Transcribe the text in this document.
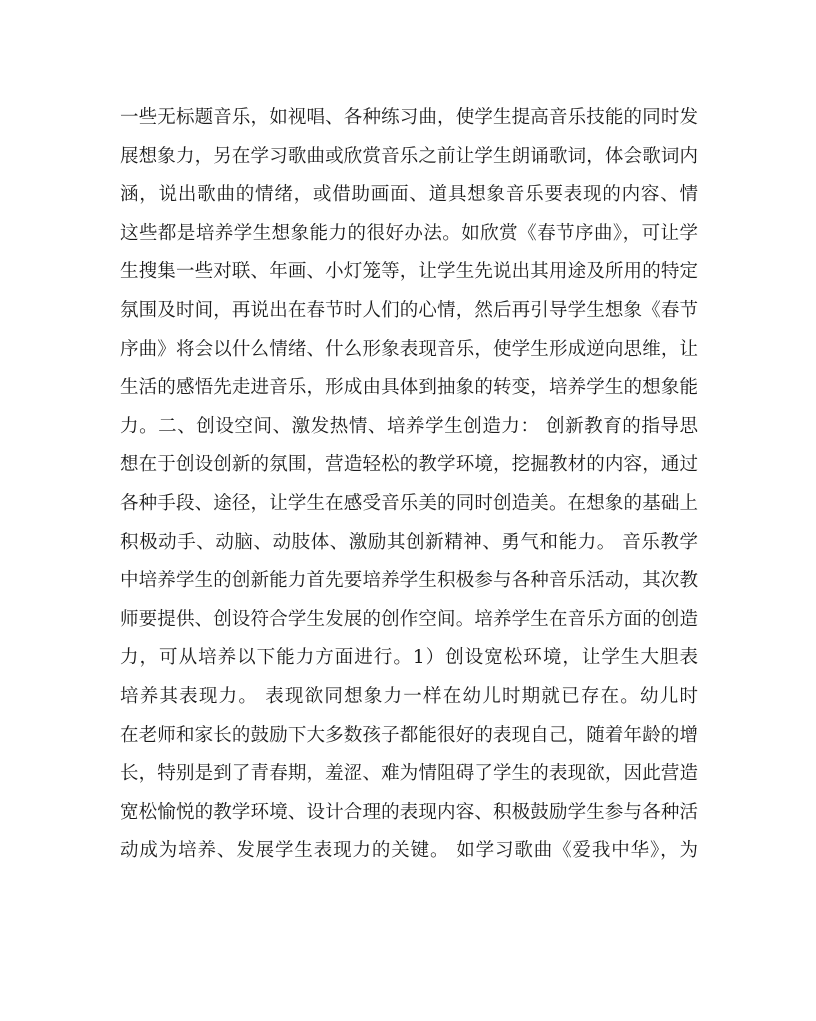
一些无标题音乐，如视唱、各种练习曲，使学生提高音乐技能的同时发
展想象力，另在学习歌曲或欣赏音乐之前让学生朗诵歌词，体会歌词内
涵，说出歌曲的情绪，或借助画面、道具想象音乐要表现的内容、情
这些都是培养学生想象能力的很好办法。如欣赏《春节序曲》，可让学
生搜集一些对联、年画、小灯笼等，让学生先说出其用途及所用的特定
氛围及时间，再说出在春节时人们的心情，然后再引导学生想象《春节
序曲》将会以什么情绪、什么形象表现音乐，使学生形成逆向思维，让
生活的感悟先走进音乐，形成由具体到抽象的转变，培养学生的想象能
力。二、创设空间、激发热情、培养学生创造力： 创新教育的指导思
想在于创设创新的氛围，营造轻松的教学环境，挖掘教材的内容，通过
各种手段、途径，让学生在感受音乐美的同时创造美。在想象的基础上
积极动手、动脑、动肢体、激励其创新精神、勇气和能力。 音乐教学
中培养学生的创新能力首先要培养学生积极参与各种音乐活动，其次教
师要提供、创设符合学生发展的创作空间。培养学生在音乐方面的创造
力，可从培养以下能力方面进行。1）创设宽松环境，让学生大胆表
培养其表现力。 表现欲同想象力一样在幼儿时期就已存在。幼儿时
在老师和家长的鼓励下大多数孩子都能很好的表现自己，随着年龄的增
长，特别是到了青春期，羞涩、难为情阻碍了学生的表现欲，因此营造
宽松愉悦的教学环境、设计合理的表现内容、积极鼓励学生参与各种活
动成为培养、发展学生表现力的关键。 如学习歌曲《爱我中华》，为
